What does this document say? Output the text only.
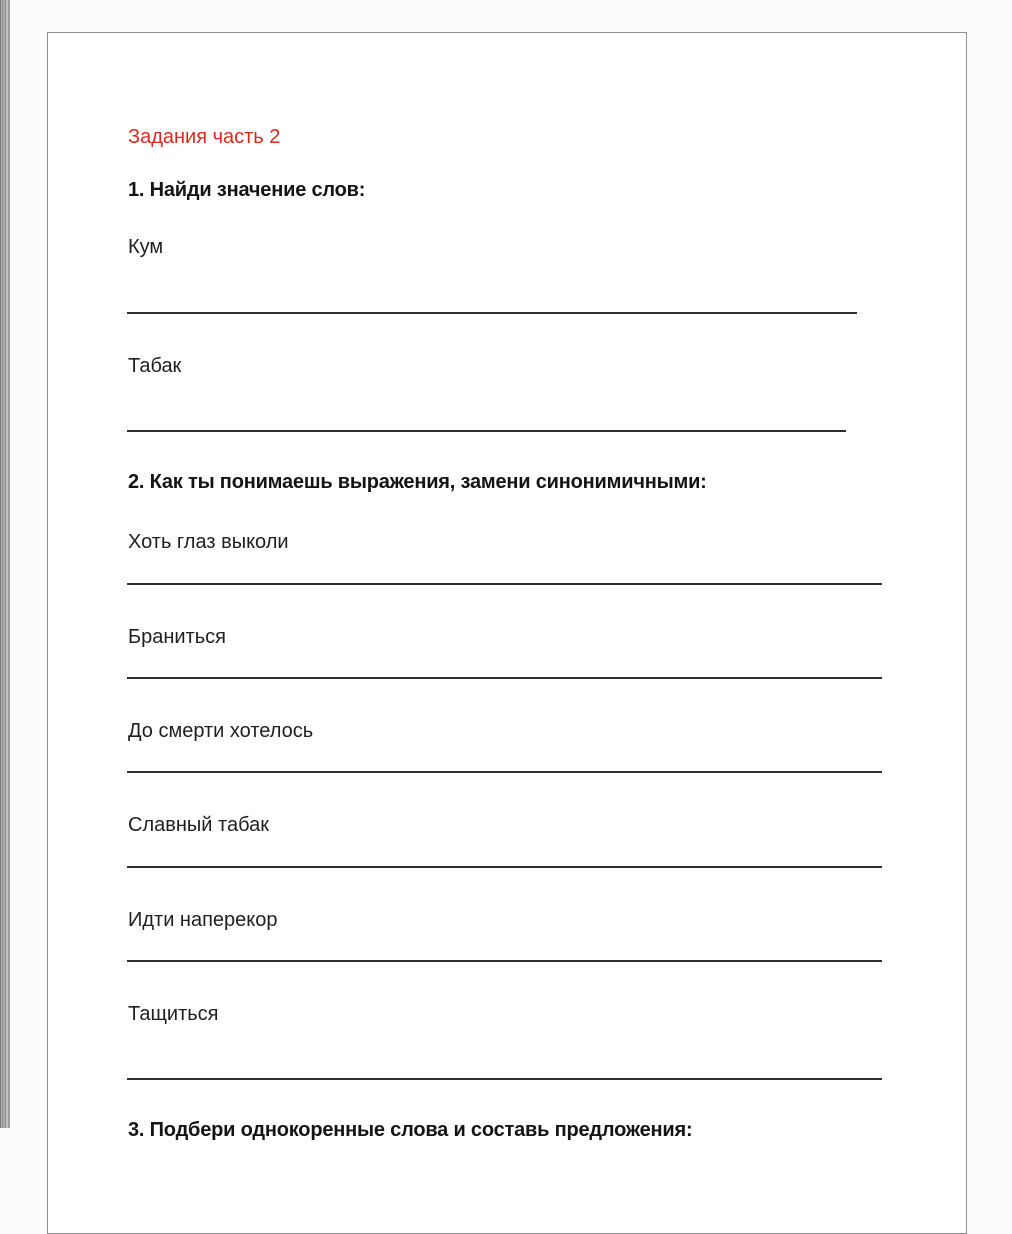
Задания часть 2
1. Найди значение слов:
Кум
Табак
2. Как ты понимаешь выражения, замени синонимичными:
Хоть глаз выколи
Браниться
До смерти хотелось
Славный табак
Идти наперекор
Тащиться
3. Подбери однокоренные слова и составь предложения:
